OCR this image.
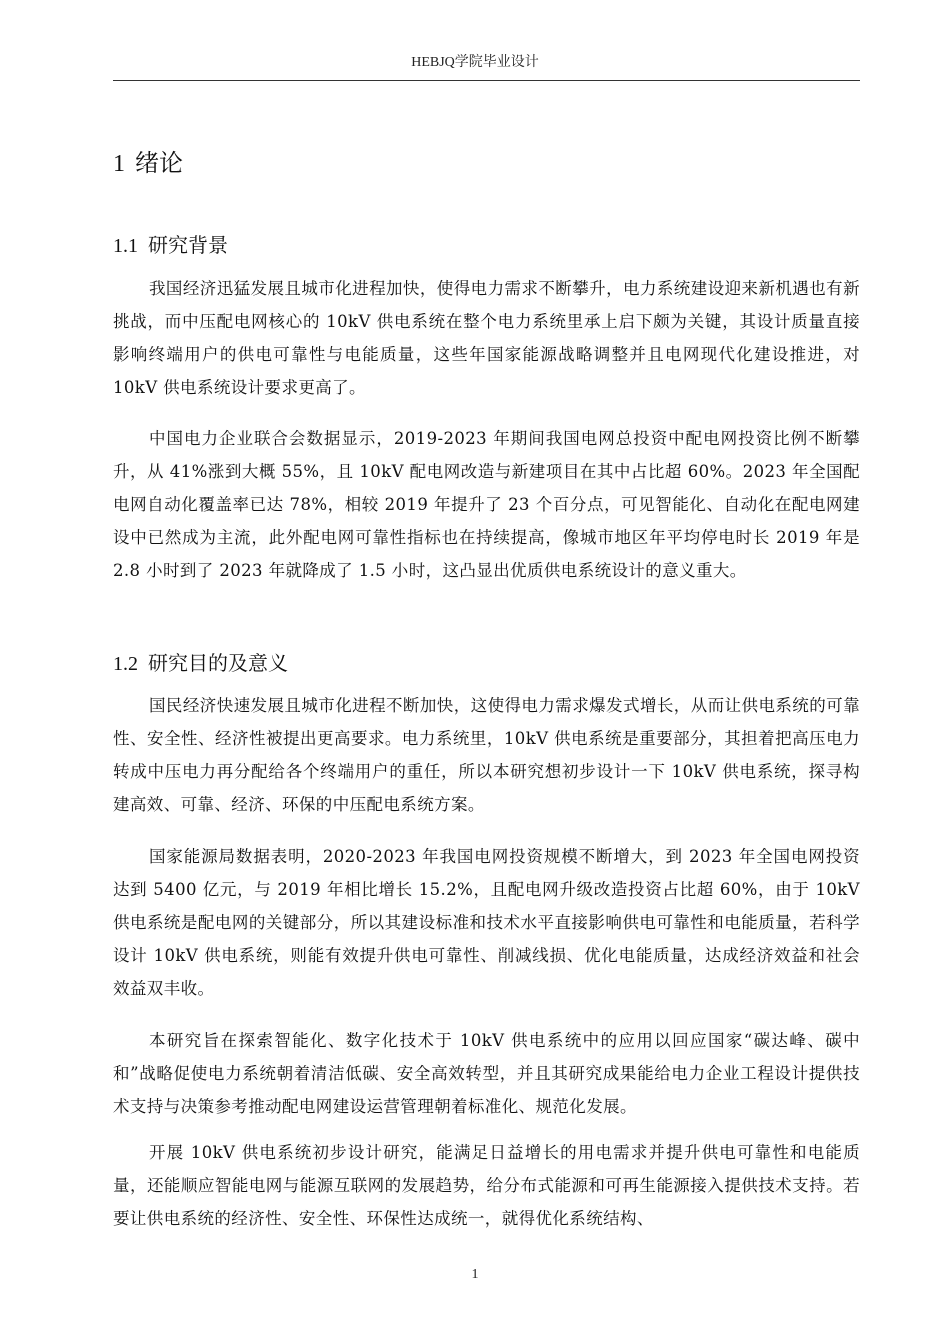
HEBJQ学院毕业设计
1 绪论
1.1 研究背景

我国经济迅猛发展且城市化进程加快，使得电力需求不断攀升，电力系统建设迎来新机遇也有新挑战，而中压配电网核心的 10kV 供电系统在整个电力系统里承上启下颇为关键，其设计质量直接影响终端用户的供电可靠性与电能质量，这些年国家能源战略调整并且电网现代化建设推进，对 10kV 供电系统设计要求更高了。

中国电力企业联合会数据显示，2019-2023 年期间我国电网总投资中配电网投资比例不断攀升，从 41%涨到大概 55%，且 10kV 配电网改造与新建项目在其中占比超 60%。2023 年全国配电网自动化覆盖率已达 78%，相较 2019 年提升了 23 个百分点，可见智能化、自动化在配电网建设中已然成为主流，此外配电网可靠性指标也在持续提高，像城市地区年平均停电时长 2019 年是 2.8 小时到了 2023 年就降成了 1.5 小时，这凸显出优质供电系统设计的意义重大。

1.2 研究目的及意义

国民经济快速发展且城市化进程不断加快，这使得电力需求爆发式增长，从而让供电系统的可靠性、安全性、经济性被提出更高要求。电力系统里，10kV 供电系统是重要部分，其担着把高压电力转成中压电力再分配给各个终端用户的重任，所以本研究想初步设计一下 10kV 供电系统，探寻构建高效、可靠、经济、环保的中压配电系统方案。

国家能源局数据表明，2020-2023 年我国电网投资规模不断增大，到 2023 年全国电网投资达到 5400 亿元，与 2019 年相比增长 15.2%，且配电网升级改造投资占比超 60%，由于 10kV 供电系统是配电网的关键部分，所以其建设标准和技术水平直接影响供电可靠性和电能质量，若科学设计 10kV 供电系统，则能有效提升供电可靠性、削减线损、优化电能质量，达成经济效益和社会效益双丰收。

本研究旨在探索智能化、数字化技术于 10kV 供电系统中的应用以回应国家“碳达峰、碳中和”战略促使电力系统朝着清洁低碳、安全高效转型，并且其研究成果能给电力企业工程设计提供技术支持与决策参考推动配电网建设运营管理朝着标准化、规范化发展。

开展 10kV 供电系统初步设计研究，能满足日益增长的用电需求并提升供电可靠性和电能质量，还能顺应智能电网与能源互联网的发展趋势，给分布式能源和可再生能源接入提供技术支持。若要让供电系统的经济性、安全性、环保性达成统一，就得优化系统结构、

1
